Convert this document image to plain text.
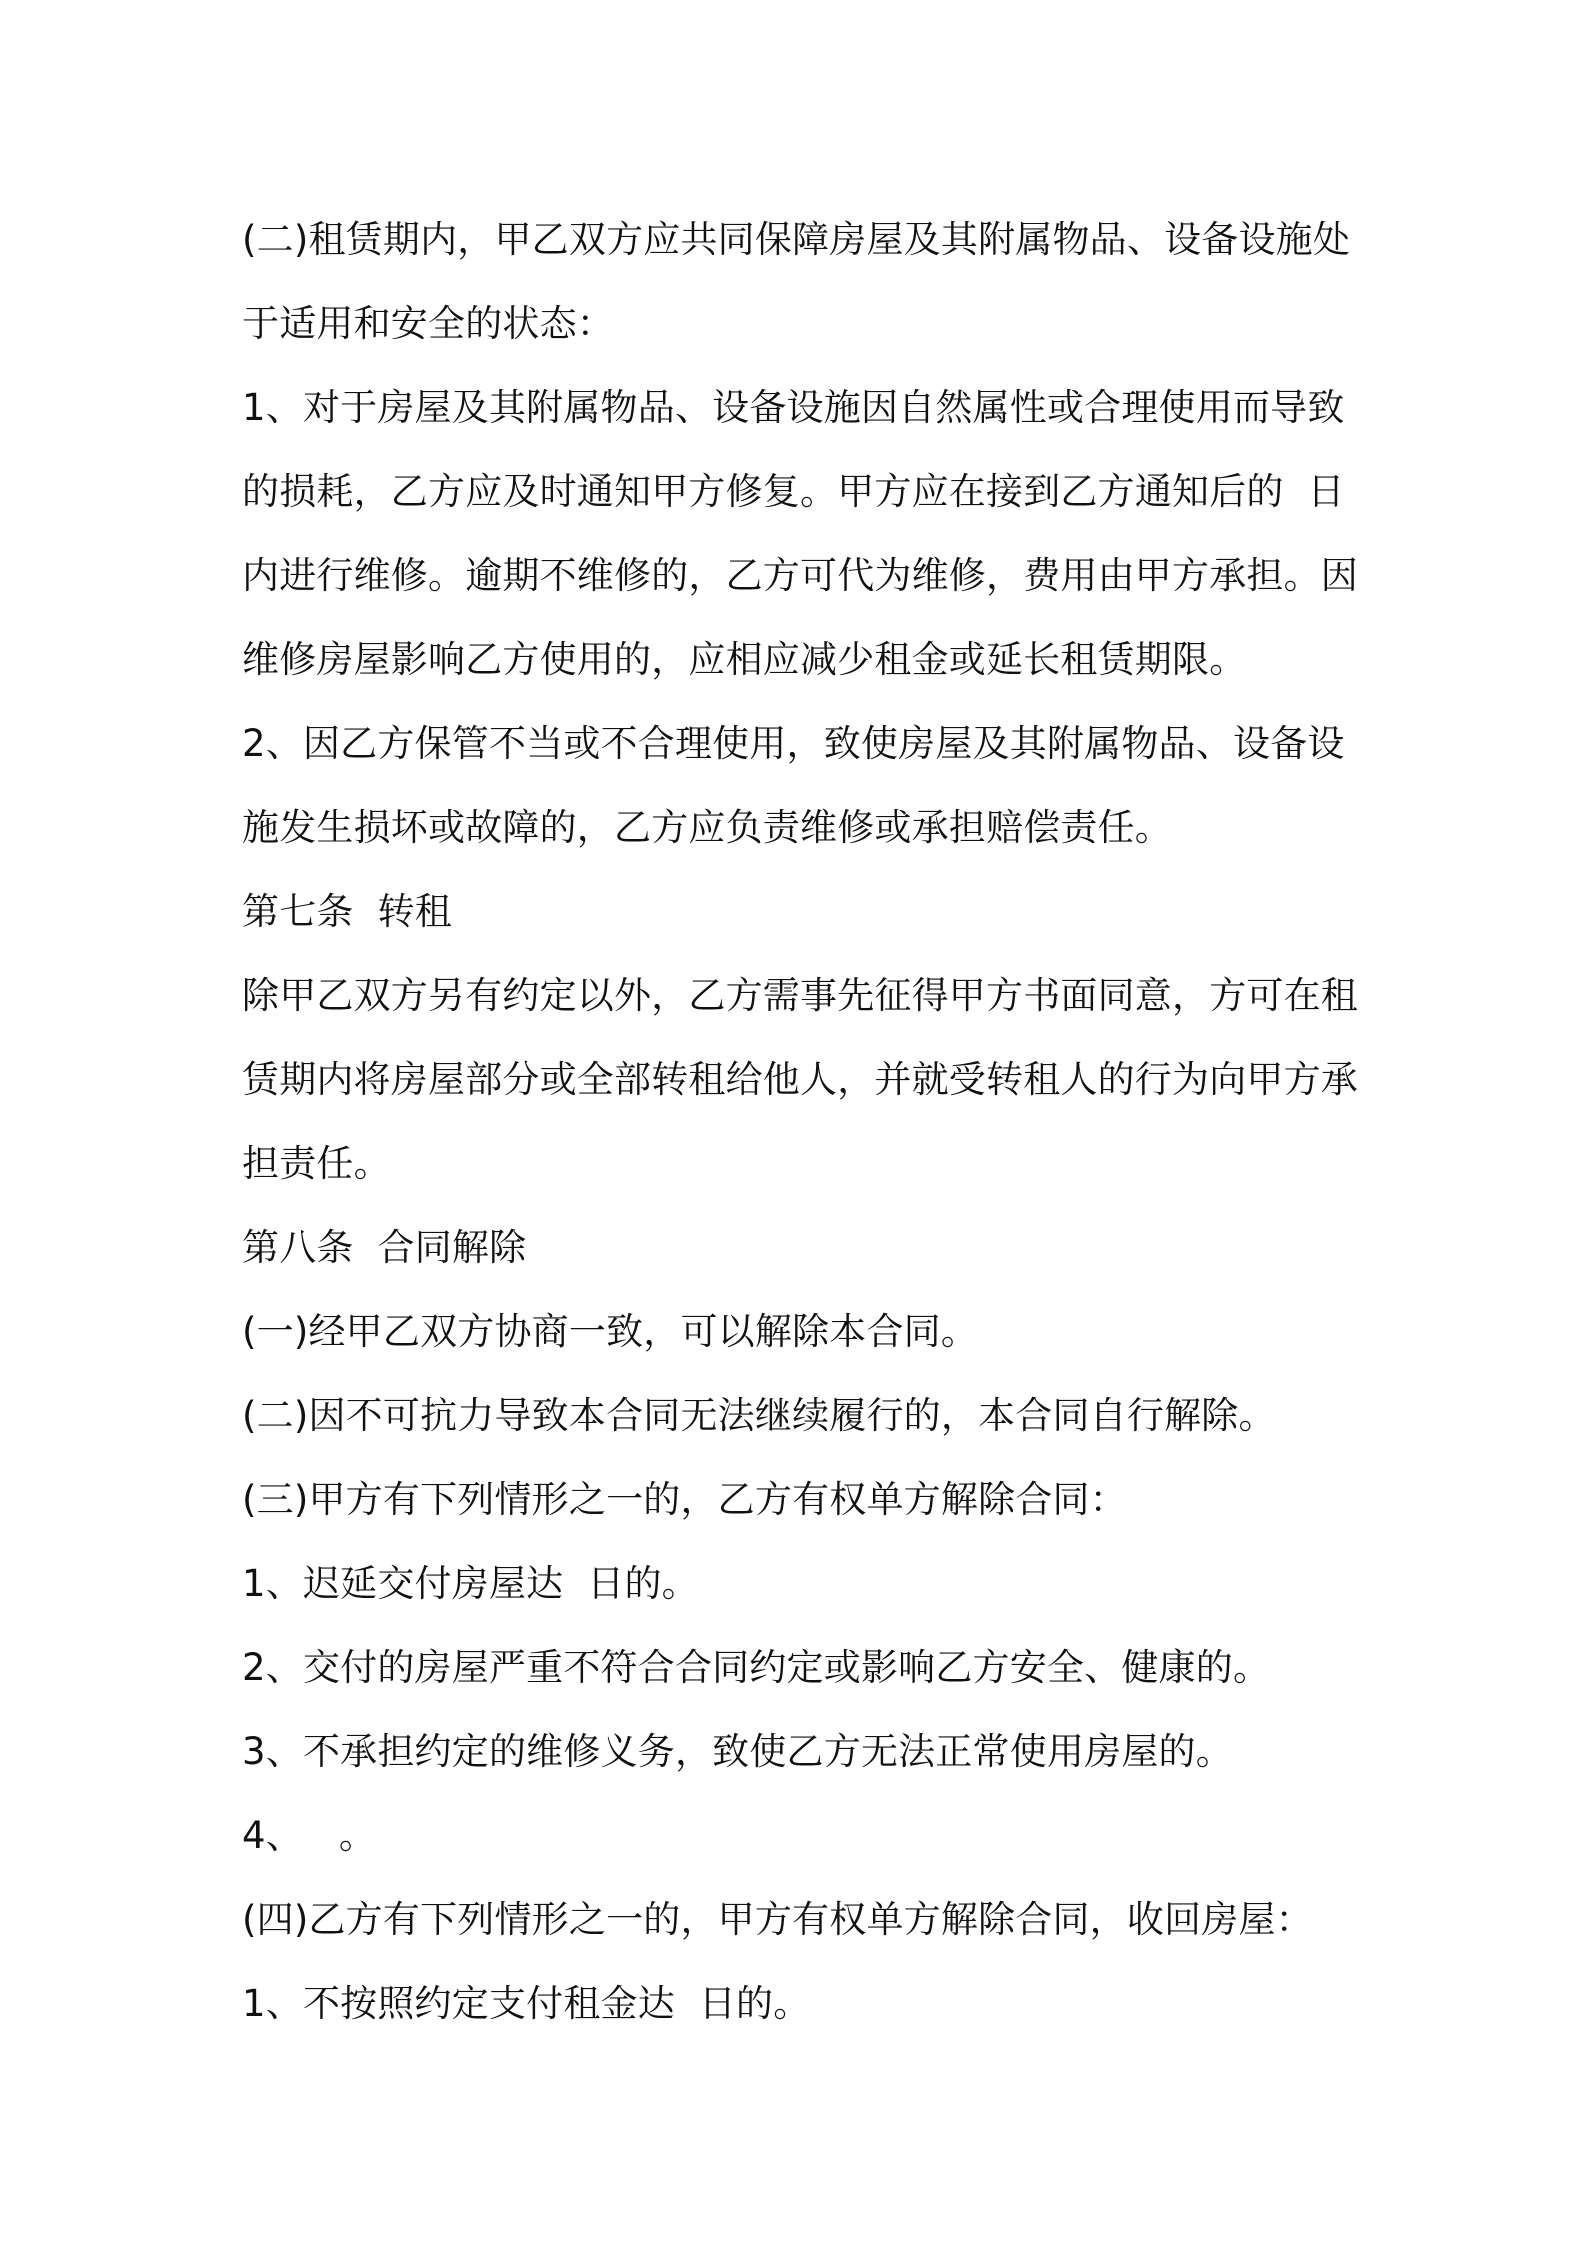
(二)租赁期内，甲乙双方应共同保障房屋及其附属物品、设备设施处
于适用和安全的状态：
1、对于房屋及其附属物品、设备设施因自然属性或合理使用而导致
的损耗，乙方应及时通知甲方修复。甲方应在接到乙方通知后的  日
内进行维修。逾期不维修的，乙方可代为维修，费用由甲方承担。因
维修房屋影响乙方使用的，应相应减少租金或延长租赁期限。
2、因乙方保管不当或不合理使用，致使房屋及其附属物品、设备设
施发生损坏或故障的，乙方应负责维修或承担赔偿责任。
第七条  转租
除甲乙双方另有约定以外，乙方需事先征得甲方书面同意，方可在租
赁期内将房屋部分或全部转租给他人，并就受转租人的行为向甲方承
担责任。
第八条  合同解除
(一)经甲乙双方协商一致，可以解除本合同。
(二)因不可抗力导致本合同无法继续履行的，本合同自行解除。
(三)甲方有下列情形之一的，乙方有权单方解除合同：
1、迟延交付房屋达  日的。
2、交付的房屋严重不符合合同约定或影响乙方安全、健康的。
3、不承担约定的维修义务，致使乙方无法正常使用房屋的。
4、   。
(四)乙方有下列情形之一的，甲方有权单方解除合同，收回房屋：
1、不按照约定支付租金达  日的。
